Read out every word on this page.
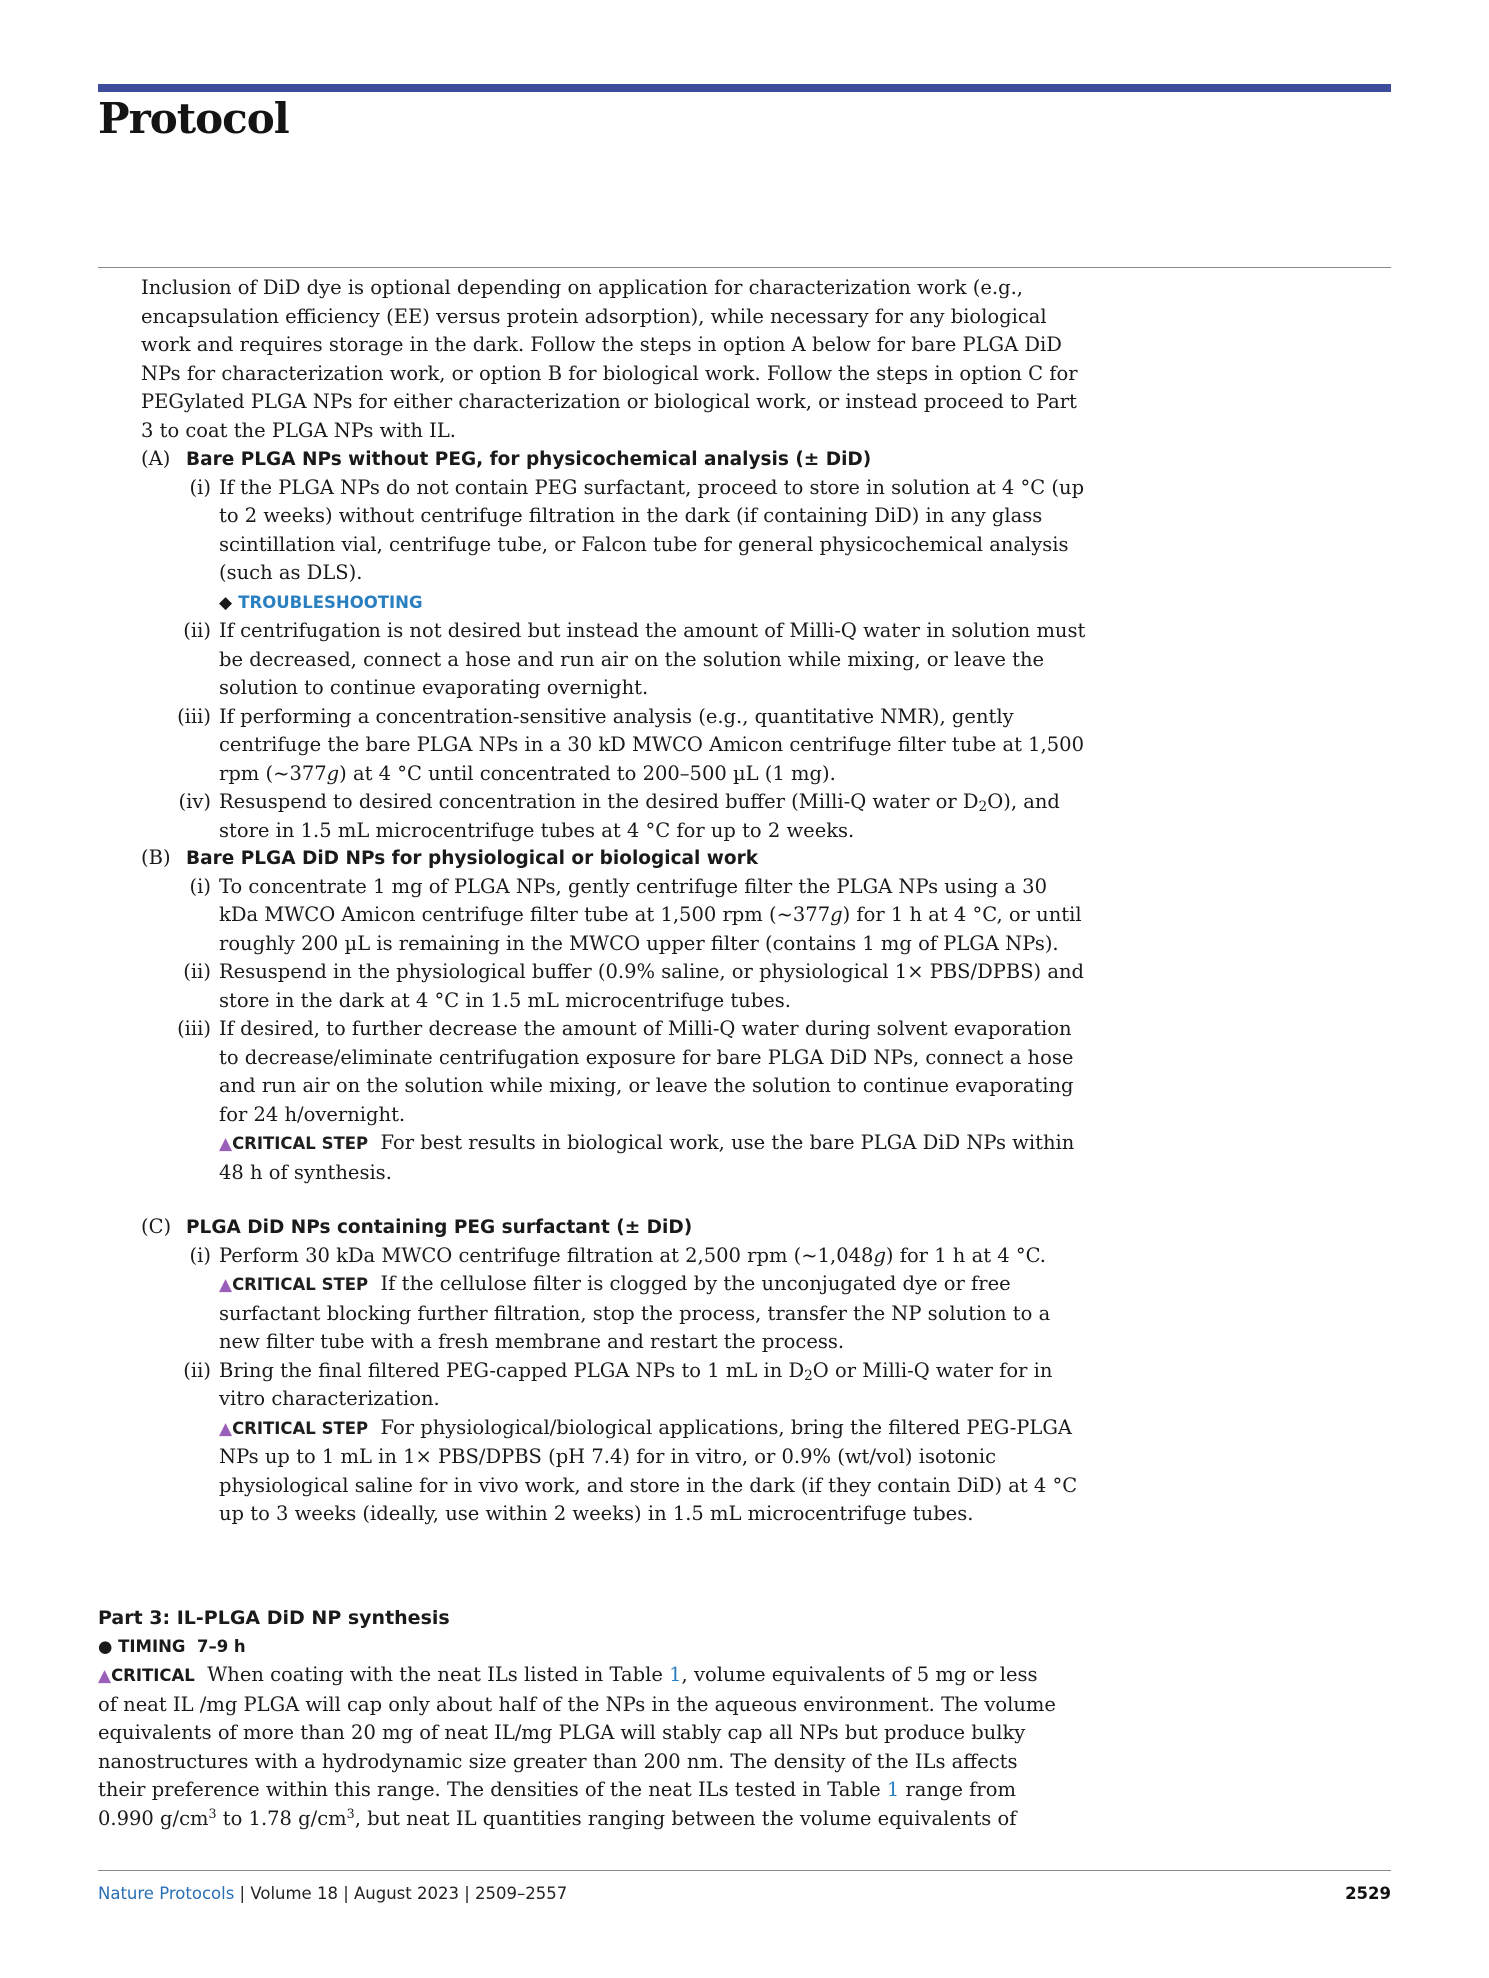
Protocol

Inclusion of DiD dye is optional depending on application for characterization work (e.g., encapsulation efficiency (EE) versus protein adsorption), while necessary for any biological work and requires storage in the dark. Follow the steps in option A below for bare PLGA DiD NPs for characterization work, or option B for biological work. Follow the steps in option C for PEGylated PLGA NPs for either characterization or biological work, or instead proceed to Part 3 to coat the PLGA NPs with IL.

(A) Bare PLGA NPs without PEG, for physicochemical analysis (± DiD)
(i) If the PLGA NPs do not contain PEG surfactant, proceed to store in solution at 4 °C (up to 2 weeks) without centrifuge filtration in the dark (if containing DiD) in any glass scintillation vial, centrifuge tube, or Falcon tube for general physicochemical analysis (such as DLS).

◆ TROUBLESHOOTING
(ii) If centrifugation is not desired but instead the amount of Milli-Q water in solution must be decreased, connect a hose and run air on the solution while mixing, or leave the solution to continue evaporating overnight.

(iii) If performing a concentration-sensitive analysis (e.g., quantitative NMR), gently centrifuge the bare PLGA NPs in a 30 kD MWCO Amicon centrifuge filter tube at 1,500 rpm (~377g) at 4 °C until concentrated to 200–500 µL (1 mg).

(iv) Resuspend to desired concentration in the desired buffer (Milli-Q water or $D_2O$), and store in 1.5 mL microcentrifuge tubes at 4 °C for up to 2 weeks.

(B) Bare PLGA DiD NPs for physiological or biological work
(i) To concentrate 1 mg of PLGA NPs, gently centrifuge filter the PLGA NPs using a 30 kDa MWCO Amicon centrifuge filter tube at 1,500 rpm (~377g) for 1 h at 4 °C, or until roughly 200 µL is remaining in the MWCO upper filter (contains 1 mg of PLGA NPs).

(ii) Resuspend in the physiological buffer (0.9% saline, or physiological 1× PBS/DPBS) and store in the dark at 4 °C in 1.5 mL microcentrifuge tubes.

(iii) If desired, to further decrease the amount of Milli-Q water during solvent evaporation to decrease/eliminate centrifugation exposure for bare PLGA DiD NPs, connect a hose and run air on the solution while mixing, or leave the solution to continue evaporating for 24 h/overnight.

▲CRITICAL STEP For best results in biological work, use the bare PLGA DiD NPs within 48 h of synthesis.

(C) PLGA DiD NPs containing PEG surfactant (± DiD)
(i) Perform 30 kDa MWCO centrifuge filtration at 2,500 rpm (~1,048g) for 1 h at 4 °C.

▲CRITICAL STEP If the cellulose filter is clogged by the unconjugated dye or free surfactant blocking further filtration, stop the process, transfer the NP solution to a new filter tube with a fresh membrane and restart the process.

(ii) Bring the final filtered PEG-capped PLGA NPs to 1 mL in $D_2O$ or Milli-Q water for in vitro characterization.

▲CRITICAL STEP For physiological/biological applications, bring the filtered PEG-PLGA NPs up to 1 mL in 1× PBS/DPBS (pH 7.4) for in vitro, or 0.9% (wt/vol) isotonic physiological saline for in vivo work, and store in the dark (if they contain DiD) at 4 °C up to 3 weeks (ideally, use within 2 weeks) in 1.5 mL microcentrifuge tubes.

Part 3: IL-PLGA DiD NP synthesis
● TIMING 7–9 h

▲CRITICAL When coating with the neat ILs listed in Table 1, volume equivalents of 5 mg or less of neat IL /mg PLGA will cap only about half of the NPs in the aqueous environment. The volume equivalents of more than 20 mg of neat IL/mg PLGA will stably cap all NPs but produce bulky nanostructures with a hydrodynamic size greater than 200 nm. The density of the ILs affects their preference within this range. The densities of the neat ILs tested in Table 1 range from 0.990 $g/cm^3$ to 1.78 $g/cm^3$, but neat IL quantities ranging between the volume equivalents of

Nature Protocols | Volume 18 | August 2023 | 2509–2557	2529
